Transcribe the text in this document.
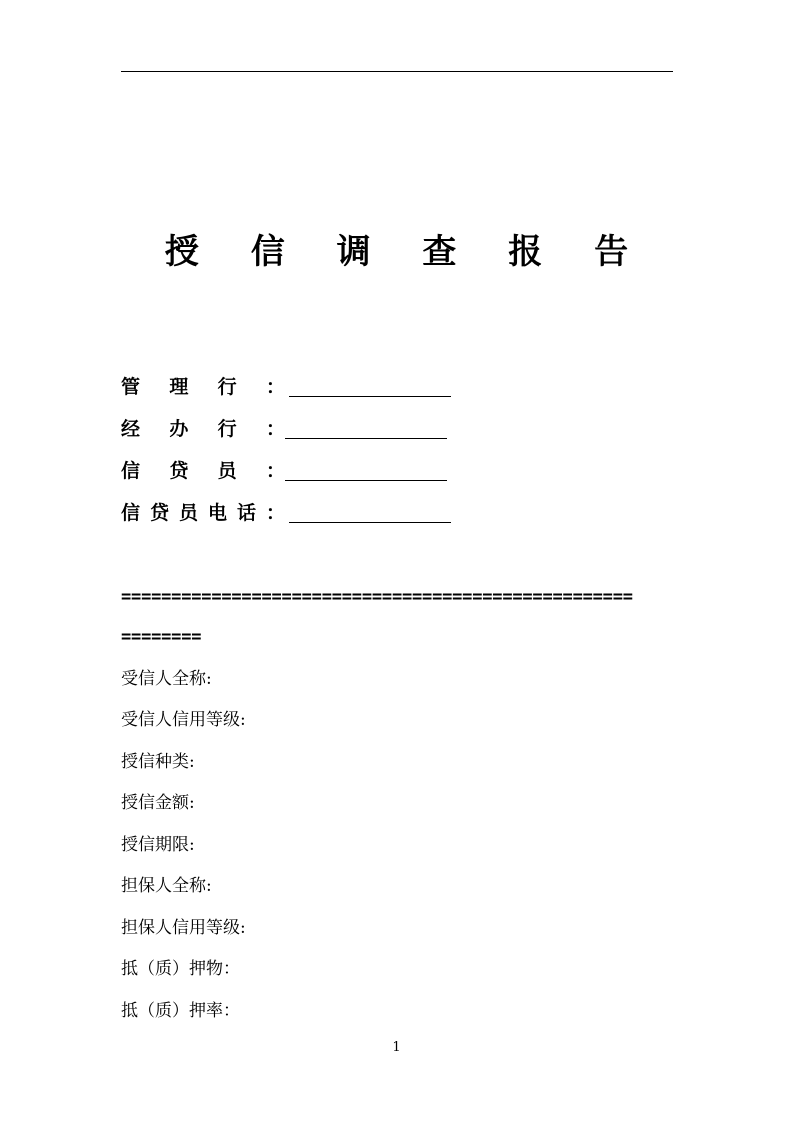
授 信 调 查 报 告
管理行：
经办行：
信贷员：
信贷员电话：
===================================================
========
受信人全称:
受信人信用等级:
授信种类:
授信金额:
授信期限:
担保人全称:
担保人信用等级:
抵（质）押物：
抵（质）押率：
1
